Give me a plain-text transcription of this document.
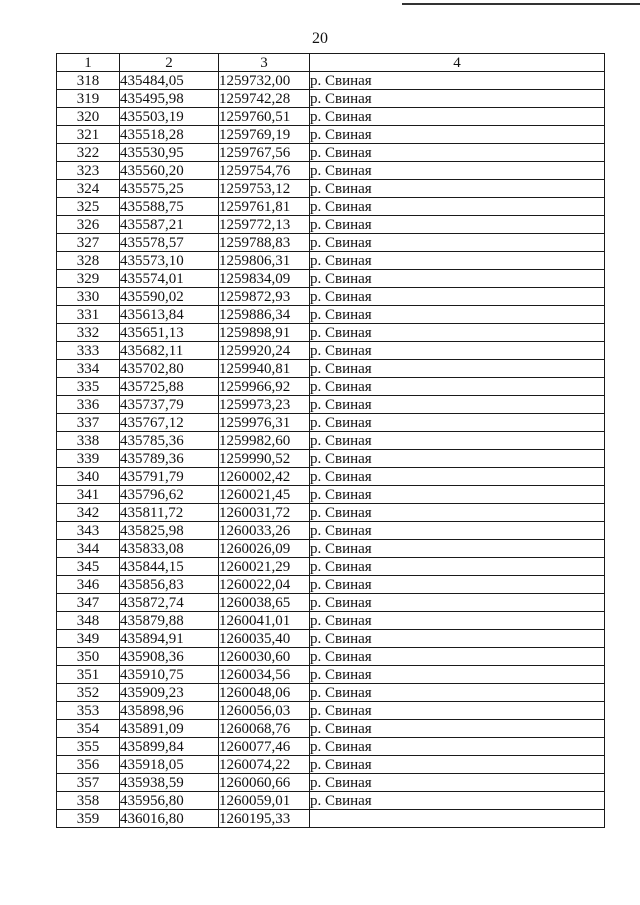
20
1	2	3	4
318	435484,05	1259732,00	р. Свиная
319	435495,98	1259742,28	р. Свиная
320	435503,19	1259760,51	р. Свиная
321	435518,28	1259769,19	р. Свиная
322	435530,95	1259767,56	р. Свиная
323	435560,20	1259754,76	р. Свиная
324	435575,25	1259753,12	р. Свиная
325	435588,75	1259761,81	р. Свиная
326	435587,21	1259772,13	р. Свиная
327	435578,57	1259788,83	р. Свиная
328	435573,10	1259806,31	р. Свиная
329	435574,01	1259834,09	р. Свиная
330	435590,02	1259872,93	р. Свиная
331	435613,84	1259886,34	р. Свиная
332	435651,13	1259898,91	р. Свиная
333	435682,11	1259920,24	р. Свиная
334	435702,80	1259940,81	р. Свиная
335	435725,88	1259966,92	р. Свиная
336	435737,79	1259973,23	р. Свиная
337	435767,12	1259976,31	р. Свиная
338	435785,36	1259982,60	р. Свиная
339	435789,36	1259990,52	р. Свиная
340	435791,79	1260002,42	р. Свиная
341	435796,62	1260021,45	р. Свиная
342	435811,72	1260031,72	р. Свиная
343	435825,98	1260033,26	р. Свиная
344	435833,08	1260026,09	р. Свиная
345	435844,15	1260021,29	р. Свиная
346	435856,83	1260022,04	р. Свиная
347	435872,74	1260038,65	р. Свиная
348	435879,88	1260041,01	р. Свиная
349	435894,91	1260035,40	р. Свиная
350	435908,36	1260030,60	р. Свиная
351	435910,75	1260034,56	р. Свиная
352	435909,23	1260048,06	р. Свиная
353	435898,96	1260056,03	р. Свиная
354	435891,09	1260068,76	р. Свиная
355	435899,84	1260077,46	р. Свиная
356	435918,05	1260074,22	р. Свиная
357	435938,59	1260060,66	р. Свиная
358	435956,80	1260059,01	р. Свиная
359	436016,80	1260195,33	
